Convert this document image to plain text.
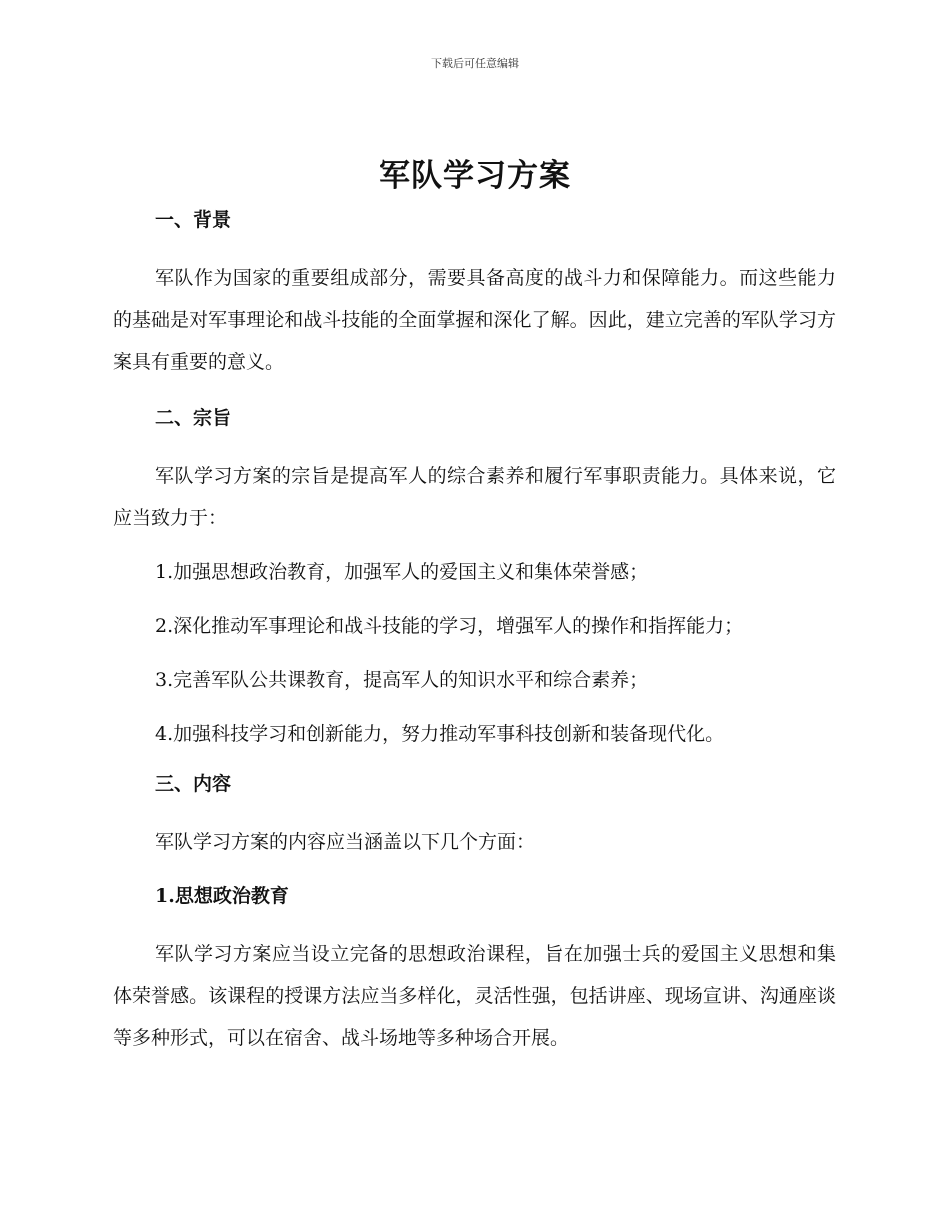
下载后可任意编辑
军队学习方案
一、背景

军队作为国家的重要组成部分，需要具备高度的战斗力和保障能力。而这些能力的基础是对军事理论和战斗技能的全面掌握和深化了解。因此，建立完善的军队学习方案具有重要的意义。

二、宗旨

军队学习方案的宗旨是提高军人的综合素养和履行军事职责能力。具体来说，它应当致力于：

1.加强思想政治教育，加强军人的爱国主义和集体荣誉感；

2.深化推动军事理论和战斗技能的学习，增强军人的操作和指挥能力；

3.完善军队公共课教育，提高军人的知识水平和综合素养；

4.加强科技学习和创新能力，努力推动军事科技创新和装备现代化。

三、内容

军队学习方案的内容应当涵盖以下几个方面：

1.思想政治教育

军队学习方案应当设立完备的思想政治课程，旨在加强士兵的爱国主义思想和集体荣誉感。该课程的授课方法应当多样化，灵活性强，包括讲座、现场宣讲、沟通座谈等多种形式，可以在宿舍、战斗场地等多种场合开展。
